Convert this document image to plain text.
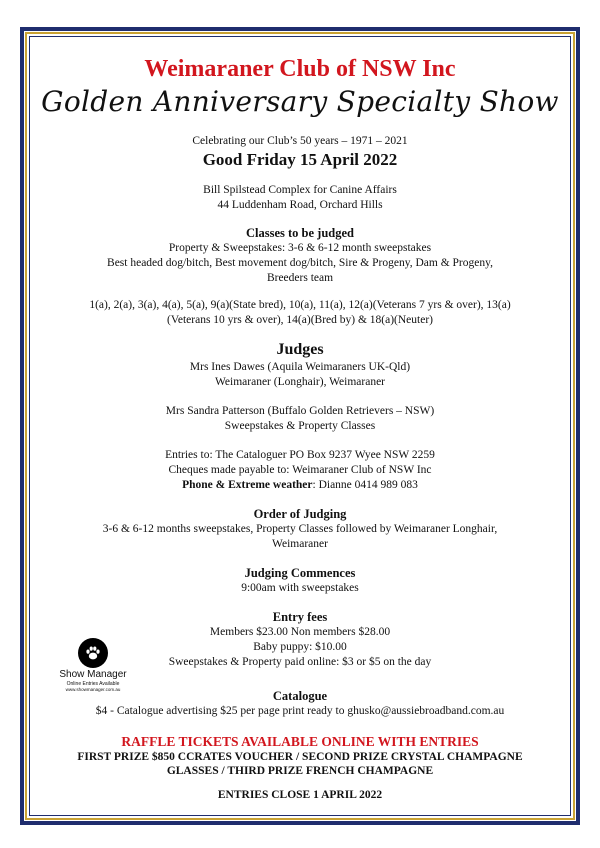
Weimaraner Club of NSW Inc

Golden Anniversary Specialty Show

Celebrating our Club’s 50 years – 1971 – 2021

Good Friday 15 April 2022

Bill Spilstead Complex for Canine Affairs

44 Luddenham Road, Orchard Hills

Classes to be judged

Property & Sweepstakes: 3-6 & 6-12 month sweepstakes

Best headed dog/bitch, Best movement dog/bitch, Sire & Progeny, Dam & Progeny,

Breeders team

1(a), 2(a), 3(a), 4(a), 5(a), 9(a)(State bred), 10(a), 11(a), 12(a)(Veterans 7 yrs & over), 13(a)

(Veterans 10 yrs & over), 14(a)(Bred by) & 18(a)(Neuter)

Judges

Mrs Ines Dawes (Aquila Weimaraners UK-Qld)

Weimaraner (Longhair), Weimaraner

Mrs Sandra Patterson (Buffalo Golden Retrievers – NSW)

Sweepstakes & Property Classes

Entries to: The Cataloguer PO Box 9237 Wyee NSW 2259

Cheques made payable to: Weimaraner Club of NSW Inc

Phone & Extreme weather: Dianne 0414 989 083

Order of Judging

3-6 & 6-12 months sweepstakes, Property Classes followed by Weimaraner Longhair,

Weimaraner

Judging Commences

9:00am with sweepstakes

Entry fees

Members $23.00 Non members $28.00

Baby puppy: $10.00

Sweepstakes & Property paid online: $3 or $5 on the day

Catalogue

$4 - Catalogue advertising $25 per page print ready to ghusko@aussiebroadband.com.au

RAFFLE TICKETS AVAILABLE ONLINE WITH ENTRIES

FIRST PRIZE $850 CCRATES VOUCHER / SECOND PRIZE CRYSTAL CHAMPAGNE

GLASSES / THIRD PRIZE FRENCH CHAMPAGNE

ENTRIES CLOSE 1 APRIL 2022

Show Manager
Online Entries Available
www.showmanager.com.au
